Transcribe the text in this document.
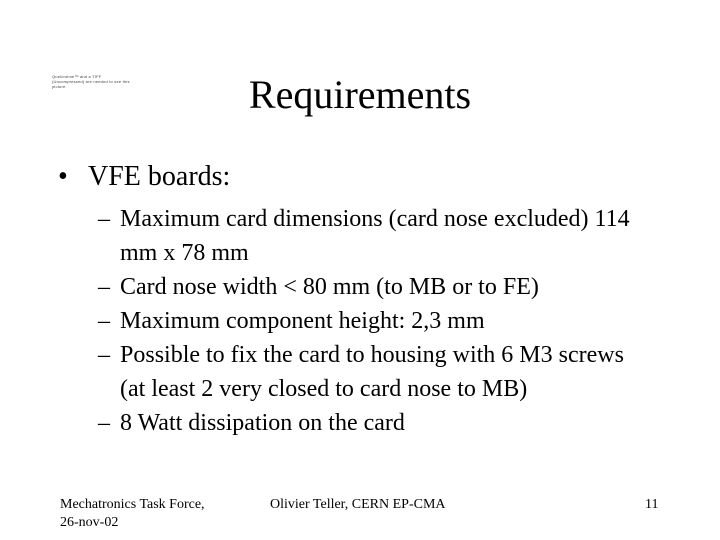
Quelcrolme™ and a TIFF (Uncompressed) are needed to see this picture.	Requirements
• VFE boards:
– Maximum card dimensions (card nose excluded) 114 mm x 78 mm
– Card nose width < 80 mm (to MB or to FE)
– Maximum component height: 2,3 mm
– Possible to fix the card to housing with 6 M3 screws (at least 2 very closed to card nose to MB)
– 8 Watt dissipation on the card
Mechatronics Task Force,
26-nov-02
Olivier Teller, CERN EP-CMA	11
